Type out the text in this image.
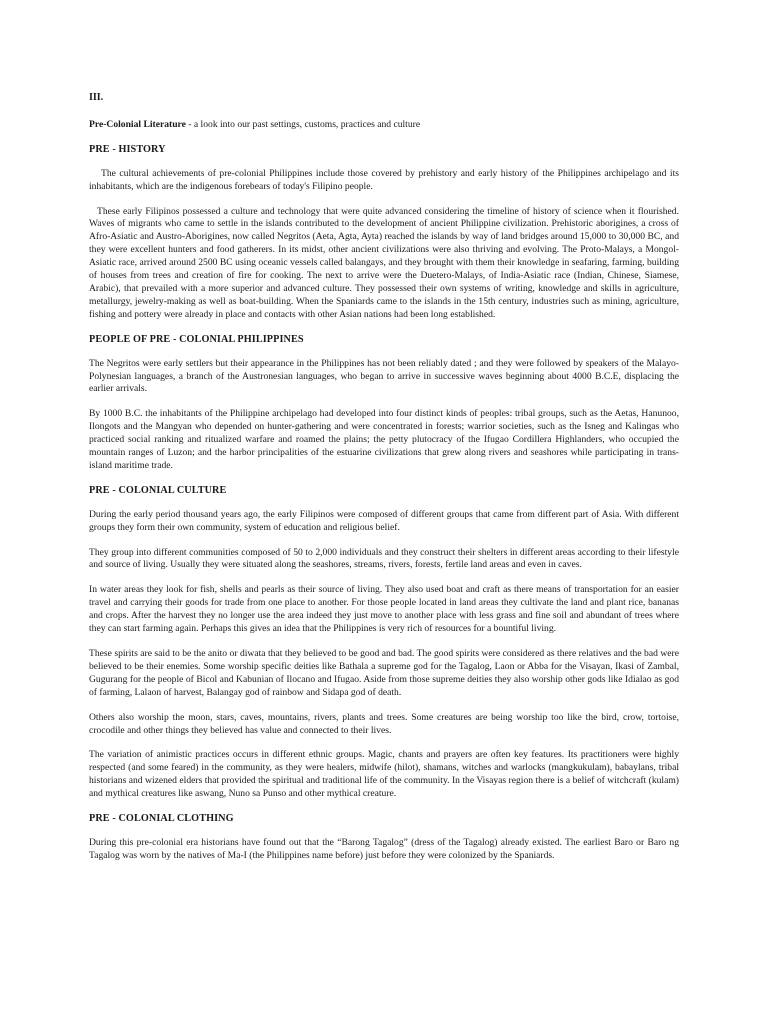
III.
Pre-Colonial Literature - a look into our past settings, customs, practices and culture
PRE - HISTORY

The cultural achievements of pre-colonial Philippines include those covered by prehistory and early history of the Philippines archipelago and its inhabitants, which are the indigenous forebears of today's Filipino people.

These early Filipinos possessed a culture and technology that were quite advanced considering the timeline of history of science when it flourished. Waves of migrants who came to settle in the islands contributed to the development of ancient Philippine civilization. Prehistoric aborigines, a cross of Afro-Asiatic and Austro-Aborigines, now called Negritos (Aeta, Agta, Ayta) reached the islands by way of land bridges around 15,000 to 30,000 BC, and they were excellent hunters and food gatherers. In its midst, other ancient civilizations were also thriving and evolving. The Proto-Malays, a Mongol-Asiatic race, arrived around 2500 BC using oceanic vessels called balangays, and they brought with them their knowledge in seafaring, farming, building of houses from trees and creation of fire for cooking. The next to arrive were the Duetero-Malays, of India-Asiatic race (Indian, Chinese, Siamese, Arabic), that prevailed with a more superior and advanced culture. They possessed their own systems of writing, knowledge and skills in agriculture, metallurgy, jewelry-making as well as boat-building. When the Spaniards came to the islands in the 15th century, industries such as mining, agriculture, fishing and pottery were already in place and contacts with other Asian nations had been long established.

PEOPLE OF PRE - COLONIAL PHILIPPINES

The Negritos were early settlers but their appearance in the Philippines has not been reliably dated ; and they were followed by speakers of the Malayo-Polynesian languages, a branch of the Austronesian languages, who began to arrive in successive waves beginning about 4000 B.C.E, displacing the earlier arrivals.

By 1000 B.C. the inhabitants of the Philippine archipelago had developed into four distinct kinds of peoples: tribal groups, such as the Aetas, Hanunoo, Ilongots and the Mangyan who depended on hunter-gathering and were concentrated in forests; warrior societies, such as the Isneg and Kalingas who practiced social ranking and ritualized warfare and roamed the plains; the petty plutocracy of the Ifugao Cordillera Highlanders, who occupied the mountain ranges of Luzon; and the harbor principalities of the estuarine civilizations that grew along rivers and seashores while participating in trans-island maritime trade.

PRE - COLONIAL CULTURE

During the early period thousand years ago, the early Filipinos were composed of different groups that came from different part of Asia. With different groups they form their own community, system of education and religious belief.

They group into different communities composed of 50 to 2,000 individuals and they construct their shelters in different areas according to their lifestyle and source of living. Usually they were situated along the seashores, streams, rivers, forests, fertile land areas and even in caves.

In water areas they look for fish, shells and pearls as their source of living. They also used boat and craft as there means of transportation for an easier travel and carrying their goods for trade from one place to another. For those people located in land areas they cultivate the land and plant rice, bananas and crops. After the harvest they no longer use the area indeed they just move to another place with less grass and fine soil and abundant of trees where they can start farming again. Perhaps this gives an idea that the Philippines is very rich of resources for a bountiful living.

These spirits are said to be the anito or diwata that they believed to be good and bad. The good spirits were considered as there relatives and the bad were believed to be their enemies. Some worship specific deities like Bathala a supreme god for the Tagalog, Laon or Abba for the Visayan, Ikasi of Zambal, Gugurang for the people of Bicol and Kabunian of Ilocano and Ifugao. Aside from those supreme deities they also worship other gods like Idialao as god of farming, Lalaon of harvest, Balangay god of rainbow and Sidapa god of death.

Others also worship the moon, stars, caves, mountains, rivers, plants and trees. Some creatures are being worship too like the bird, crow, tortoise, crocodile and other things they believed has value and connected to their lives.

The variation of animistic practices occurs in different ethnic groups. Magic, chants and prayers are often key features. Its practitioners were highly respected (and some feared) in the community, as they were healers, midwife (hilot), shamans, witches and warlocks (mangkukulam), babaylans, tribal historians and wizened elders that provided the spiritual and traditional life of the community. In the Visayas region there is a belief of witchcraft (kulam) and mythical creatures like aswang, Nuno sa Punso and other mythical creature.

PRE - COLONIAL CLOTHING

During this pre-colonial era historians have found out that the “Barong Tagalog” (dress of the Tagalog) already existed. The earliest Baro or Baro ng Tagalog was worn by the natives of Ma-I (the Philippines name before) just before they were colonized by the Spaniards.
